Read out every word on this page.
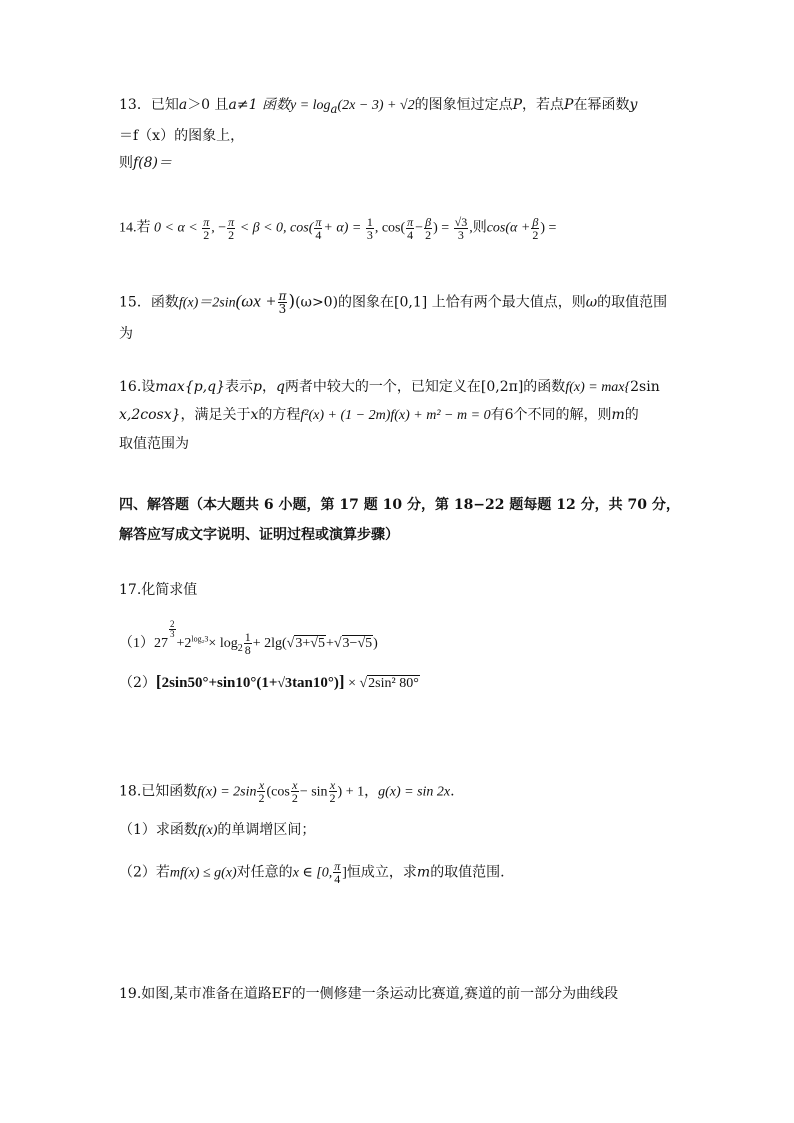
13．已知a＞0 且a≠1 函数$y = \log_a(2x - 3) + √2$的图象恒过定点P，若点P在幂函数y
＝f（x）的图象上，
则f(8)＝
14.若 $0 < \alpha < \frac{\pi}{2}$ , − $\frac{\pi}{2} < \beta < 0$, $\cos( \frac{\pi}{4} + \alpha) = \frac{1}{3}$ , $\cos( \frac{\pi}{4} - \frac{\beta}{2}$ ) = $\frac{√3}{3}$ ,则$\cos(\alpha + \frac{\beta}{2}$ ) =
15．函数$f(x)=2\sin(\omega x + \frac{\pi}{3} )(\omega>0)$的图象在[0,1] 上恰有两个最大值点，则ω的取值范围
为
16.设max{p,q}表示p，q两者中较大的一个，已知定义在[0,2π]的函数f(x) = max{2sin
x,2cosx}，满足关于x的方程f²(x) + (1 − 2m)f(x) + m² − m = 0有6个不同的解，则m的
取值范围为
四、解答题（本大题共 6 小题，第 17 题 10 分，第 18−22 题每题 12 分，共 70 分，
解答应写成文字说明、证明过程或演算步骤）
17.化简求值
（1）27
$^{\frac{2}{3}}$
$+2^{log_23}\times \log_2 \frac{1}{8} + 2\lg(√3+√5+√3-√5)$
（2）[2sin50°+sin10°(1+√3tan10°)] × √2sin² 80°
18.已知函数$f(x) = 2\sin \frac{x}{2} (\cos \frac{x}{2} - \sin \frac{x}{2}$ ) + 1，g(x) = sin 2x.
（1）求函数f(x)的单调增区间；
（2）若mf(x) ≤ g(x)对任意的x ∈ [0, $\frac{\pi}{4}$ ]恒成立，求m的取值范围.
19.如图,某市准备在道路EF的一侧修建一条运动比赛道,赛道的前一部分为曲线段
